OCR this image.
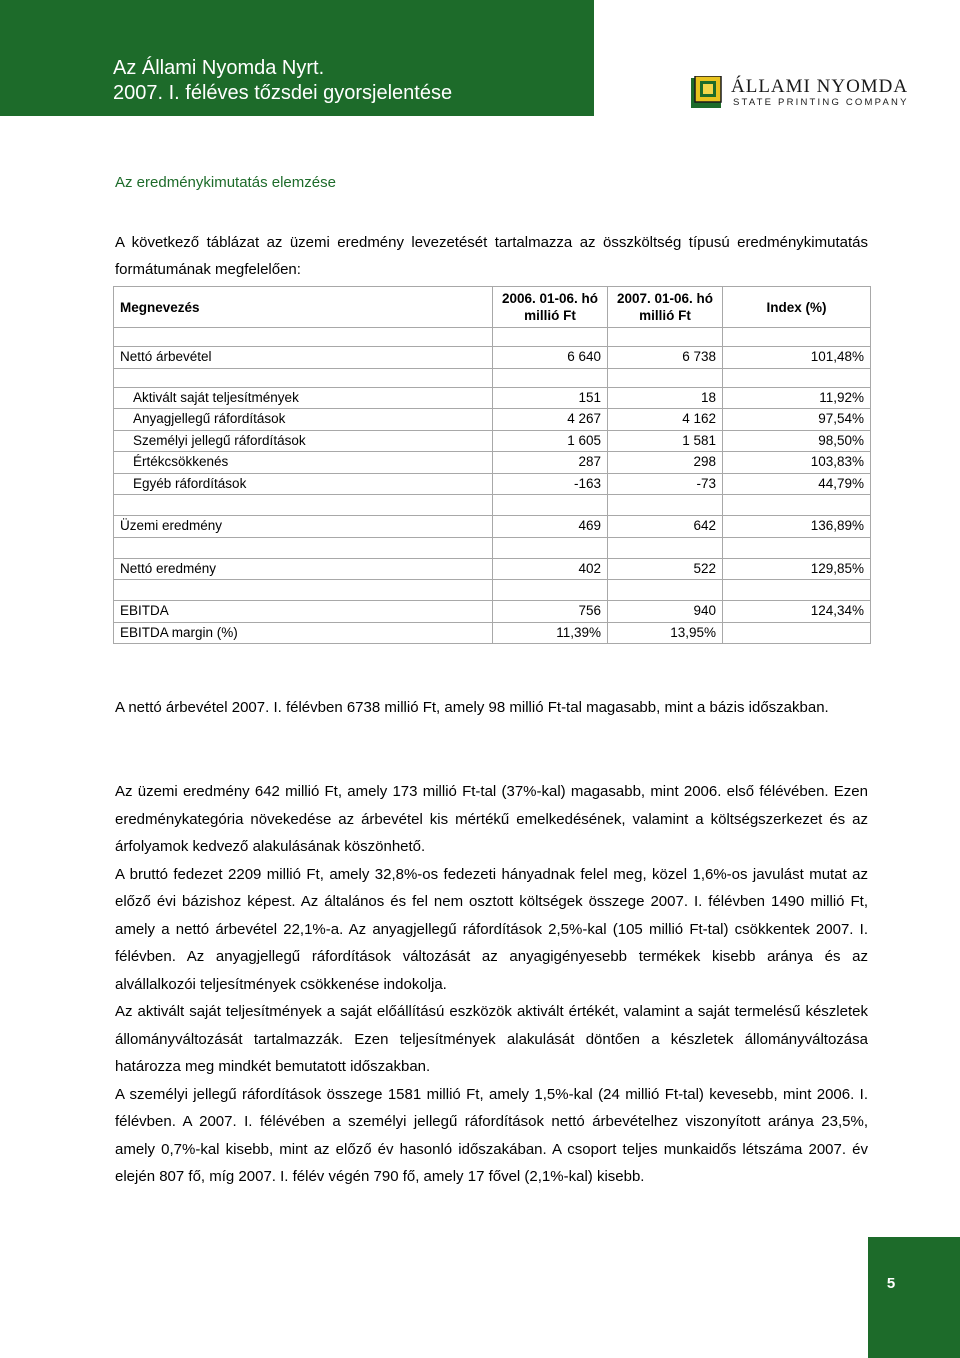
Az Állami Nyomda Nyrt.
2007. I. féléves tőzsdei gyorsjelentése	ÁLLAMI NYOMDA
STATE PRINTING COMPANY
Az eredménykimutatás elemzése
A következő táblázat az üzemi eredmény levezetését tartalmazza az összköltség típusú eredménykimutatás formátumának megfelelően:
Megnevezés	2006. 01-06. hó millió Ft	2007. 01-06. hó millió Ft	Index (%)

Nettó árbevétel	6 640	6 738	101,48%

Aktivált saját teljesítmények	151	18	11,92%
Anyagjellegű ráfordítások	4 267	4 162	97,54%
Személyi jellegű ráfordítások	1 605	1 581	98,50%
Értékcsökkenés	287	298	103,83%
Egyéb ráfordítások	-163	-73	44,79%

Üzemi eredmény	469	642	136,89%

Nettó eredmény	402	522	129,85%

EBITDA	756	940	124,34%
EBITDA margin (%)	11,39%	13,95%	

A nettó árbevétel 2007. I. félévben 6738 millió Ft, amely 98 millió Ft-tal magasabb, mint a bázis időszakban.

Az üzemi eredmény 642 millió Ft, amely 173 millió Ft-tal (37%-kal) magasabb, mint 2006. első félévében. Ezen eredménykategória növekedése az árbevétel kis mértékű emelkedésének, valamint a költségszerkezet és az árfolyamok kedvező alakulásának köszönhető.
A bruttó fedezet 2209 millió Ft, amely 32,8%-os fedezeti hányadnak felel meg, közel 1,6%-os javulást mutat az előző évi bázishoz képest. Az általános és fel nem osztott költségek összege 2007. I. félévben 1490 millió Ft, amely a nettó árbevétel 22,1%-a. Az anyagjellegű ráfordítások 2,5%-kal (105 millió Ft-tal) csökkentek 2007. I. félévben. Az anyagjellegű ráfordítások változását az anyagigényesebb termékek kisebb aránya és az alvállalkozói teljesítmények csökkenése indokolja.
Az aktivált saját teljesítmények a saját előállítású eszközök aktivált értékét, valamint a saját termelésű készletek állományváltozását tartalmazzák. Ezen teljesítmények alakulását döntően a készletek állományváltozása határozza meg mindkét bemutatott időszakban.
A személyi jellegű ráfordítások összege 1581 millió Ft, amely 1,5%-kal (24 millió Ft-tal) kevesebb, mint 2006. I. félévben. A 2007. I. félévében a személyi jellegű ráfordítások nettó árbevételhez viszonyított aránya 23,5%, amely 0,7%-kal kisebb, mint az előző év hasonló időszakában. A csoport teljes munkaidős létszáma 2007. év elején 807 fő, míg 2007. I. félév végén 790 fő, amely 17 fővel (2,1%-kal) kisebb.
5
